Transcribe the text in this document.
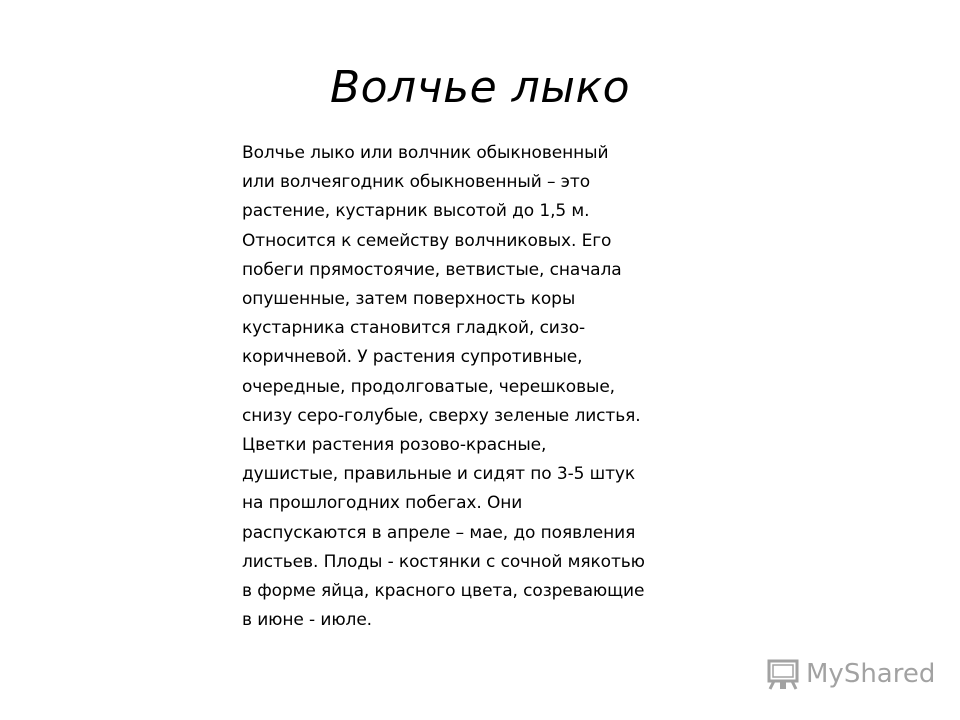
Волчье лыко
Волчье лыко или волчник обыкновенный
или волчеягодник обыкновенный – это
растение, кустарник высотой до 1,5 м.
Относится к семейству волчниковых. Его
побеги прямостоячие, ветвистые, сначала
опушенные, затем поверхность коры
кустарника становится гладкой, сизо-
коричневой. У растения супротивные,
очередные, продолговатые, черешковые,
снизу серо-голубые, сверху зеленые листья.
Цветки растения розово-красные,
душистые, правильные и сидят по 3-5 штук
на прошлогодних побегах. Они
распускаются в апреле – мае, до появления
листьев. Плоды - костянки с сочной мякотью
в форме яйца, красного цвета, созревающие
в июне - июле.
MyShared
